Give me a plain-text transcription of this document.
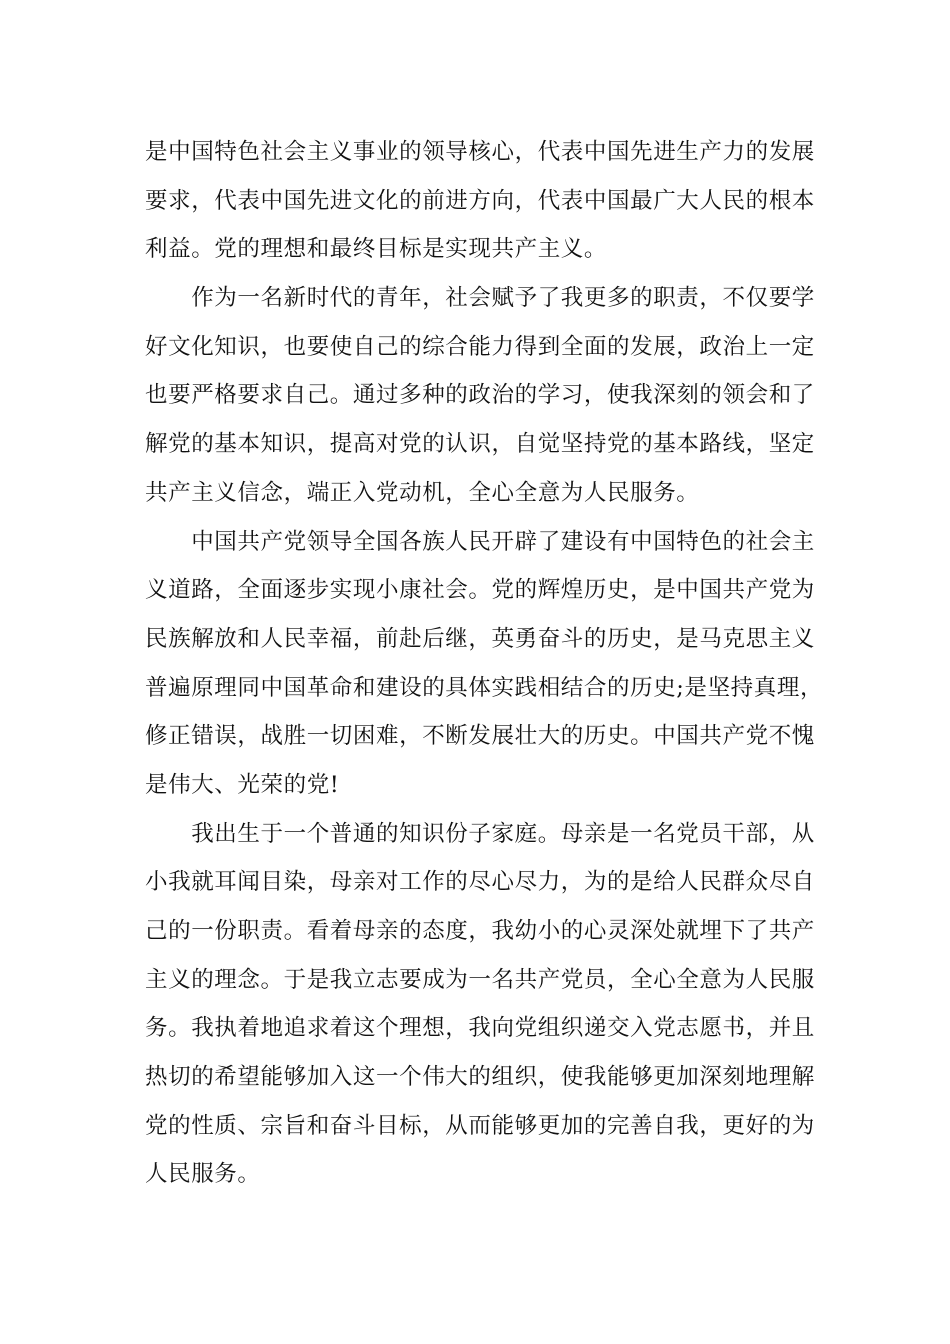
是中国特色社会主义事业的领导核心，代表中国先进生产力的发展
要求，代表中国先进文化的前进方向，代表中国最广大人民的根本
利益。党的理想和最终目标是实现共产主义。
　　作为一名新时代的青年，社会赋予了我更多的职责，不仅要学
好文化知识，也要使自己的综合能力得到全面的发展，政治上一定
也要严格要求自己。通过多种的政治的学习，使我深刻的领会和了
解党的基本知识，提高对党的认识，自觉坚持党的基本路线，坚定
共产主义信念，端正入党动机，全心全意为人民服务。
　　中国共产党领导全国各族人民开辟了建设有中国特色的社会主
义道路，全面逐步实现小康社会。党的辉煌历史，是中国共产党为
民族解放和人民幸福，前赴后继，英勇奋斗的历史，是马克思主义
普遍原理同中国革命和建设的具体实践相结合的历史;是坚持真理，
修正错误，战胜一切困难，不断发展壮大的历史。中国共产党不愧
是伟大、光荣的党!
　　我出生于一个普通的知识份子家庭。母亲是一名党员干部，从
小我就耳闻目染，母亲对工作的尽心尽力，为的是给人民群众尽自
己的一份职责。看着母亲的态度，我幼小的心灵深处就埋下了共产
主义的理念。于是我立志要成为一名共产党员，全心全意为人民服
务。我执着地追求着这个理想，我向党组织递交入党志愿书，并且
热切的希望能够加入这一个伟大的组织，使我能够更加深刻地理解
党的性质、宗旨和奋斗目标，从而能够更加的完善自我，更好的为
人民服务。
